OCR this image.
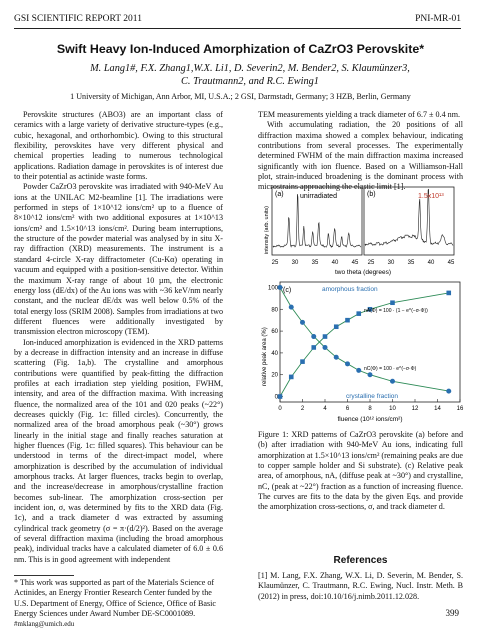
GSI SCIENTIFIC REPORT 2011	PNI-MR-01
Swift Heavy Ion-Induced Amorphization of CaZrO3 Perovskite*
M. Lang1#, F.X. Zhang1,W.X. Li1, D. Severin2, M. Bender2, S. Klaumünzer3,
C. Trautmann2, and R.C. Ewing1
1 University of Michigan, Ann Arbor, MI, U.S.A.; 2 GSI, Darmstadt, Germany; 3 HZB, Berlin, Germany

Perovskite structures (ABO3) are an important class of ceramics with a large variety of derivative structure-types (e.g., cubic, hexagonal, and orthorhombic). Owing to this structural flexibility, perovskites have very different physical and chemical properties leading to numerous technological applications. Radiation damage in perovskites is of interest due to their potential as actinide waste forms.

Powder CaZrO3 perovskite was irradiated with 940-MeV Au ions at the UNILAC M2-beamline [1]. The irradiations were performed in steps of 1×10^12 ions/cm² up to a fluence of 8×10^12 ions/cm² with two additional exposures at 1×10^13 ions/cm² and 1.5×10^13 ions/cm². During beam interruptions, the structure of the powder material was analysed by in situ X-ray diffraction (XRD) measurements. The instrument is a standard 4-circle X-ray diffractometer (Cu-Kα) operating in vacuum and equipped with a position-sensitive detector. Within the maximum X-ray range of about 10 µm, the electronic energy loss (dE/dx) of the Au ions was with ~36 keV/nm nearly constant, and the nuclear dE/dx was well below 0.5% of the total energy loss (SRIM 2008). Samples from irradiations at two different fluences were additionally investigated by transmission electron microscopy (TEM).

Ion-induced amorphization is evidenced in the XRD patterns by a decrease in diffraction intensity and an increase in diffuse scattering (Fig. 1a,b). The crystalline and amorphous contributions were quantified by peak-fitting the diffraction profiles at each irradiation step yielding position, FWHM, intensity, and area of the diffraction maxima. With increasing fluence, the normalized area of the 101 and 020 peaks (~22°) decreases quickly (Fig. 1c: filled circles). Concurrently, the normalized area of the broad amorphous peak (~30°) grows linearly in the initial stage and finally reaches saturation at higher fluences (Fig. 1c: filled squares). This behaviour can be understood in terms of the direct-impact model, where amorphization is described by the accumulation of individual amorphous tracks. At larger fluences, tracks begin to overlap, and the increase/decrease in amorphous/crystalline fraction becomes sub-linear. The amorphization cross-section per incident ion, σ, was determined by fits to the XRD data (Fig. 1c), and a track diameter d was extracted by assuming cylindrical track geometry (σ = π·(d/2)²). Based on the average of several diffraction maxima (including the broad amorphous peak), individual tracks have a calculated diameter of 6.0 ± 0.6 nm. This is in good agreement with independent

* This work was supported as part of the Materials Science of Actinides, an Energy Frontier Research Center funded by the U.S. Department of Energy, Office of Science, Office of Basic Energy Sciences under Award Number DE-SC0001089.
#mklang@umich.edu

TEM measurements yielding a track diameter of 6.7 ± 0.4 nm.

With accumulating radiation, the 20 positions of all diffraction maxima showed a complex behaviour, indicating contributions from several processes. The experimentally determined FWHM of the main diffraction maxima increased significantly with ion fluence. Based on a Williamson-Hall plot, strain-induced broadening is the dominant process with microstrains approaching the elastic limit [1].

(a) unirradiated	(b)	1.5x10¹³
intensity (arb. units)
25 30 35 40 45 25 30 35 40 45
two theta (degrees)
(c)
0	2	4	6	8	10	12	14	16
0
20
40
60
80
100	amorphous fraction
crystalline fraction
nA(Φ) = 100 · (1 − e^(−σ·Φ))
nC(Φ) = 100 · e^(−σ·Φ)
relative peak area (%)
fluence (10¹² ions/cm²)
Figure 1: XRD patterns of CaZrO3 perovskite (a) before and (b) after irradiation with 940-MeV Au ions, indicating full amorphization at 1.5×10^13 ions/cm² (remaining peaks are due to copper sample holder and Si substrate). (c) Relative peak area, of amorphous, nA, (diffuse peak at ~30°) and crystalline, nC, (peak at ~22°) fraction as a function of increasing fluence. The curves are fits to the data by the given Eqs. and provide the amorphization cross-sections, σ, and track diameter d.
References
[1] M. Lang, F.X. Zhang, W.X. Li, D. Severin, M. Bender, S. Klaumünzer, C. Trautmann, R.C. Ewing, Nucl. Instr. Meth. B (2012) in press, doi:10.10/16/j.nimb.2011.12.028.
399
